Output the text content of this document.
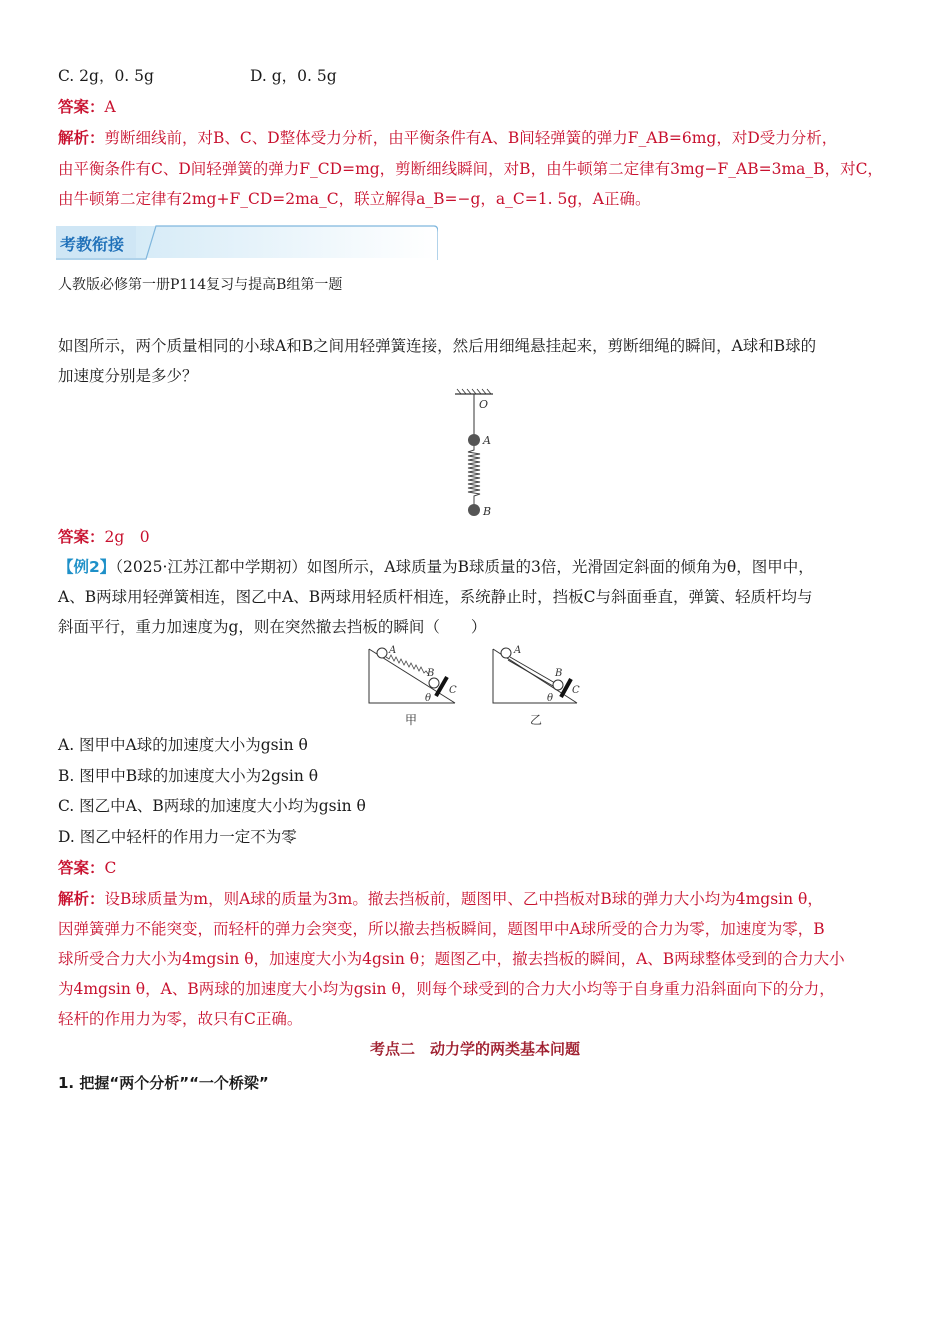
C. 2g，0. 5g	D. g，0. 5g
答案：A
解析：剪断细线前，对B、C、D整体受力分析，由平衡条件有A、B间轻弹簧的弹力F_AB=6mg，对D受力分析，
由平衡条件有C、D间轻弹簧的弹力F_CD=mg，剪断细线瞬间，对B，由牛顿第二定律有3mg−F_AB=3ma_B，对C，
由牛顿第二定律有2mg+F_CD=2ma_C，联立解得a_B=−g，a_C=1. 5g，A正确。
考教衔接
人教版必修第一册P114复习与提高B组第一题
如图所示，两个质量相同的小球A和B之间用轻弹簧连接，然后用细绳悬挂起来，剪断细绳的瞬间，A球和B球的
加速度分别是多少？
O
A
B
答案：2g　0
【例2】（2025·江苏江都中学期初）如图所示，A球质量为B球质量的3倍，光滑固定斜面的倾角为θ，图甲中，
A、B两球用轻弹簧相连，图乙中A、B两球用轻质杆相连，系统静止时，挡板C与斜面垂直，弹簧、轻质杆均与
斜面平行，重力加速度为g，则在突然撤去挡板的瞬间（　　）
A
B
C
θ
A
B
C
θ
甲	乙
A. 图甲中A球的加速度大小为gsin θ
B. 图甲中B球的加速度大小为2gsin θ
C. 图乙中A、B两球的加速度大小均为gsin θ
D. 图乙中轻杆的作用力一定不为零
答案：C
解析：设B球质量为m，则A球的质量为3m。撤去挡板前，题图甲、乙中挡板对B球的弹力大小均为4mgsin θ，
因弹簧弹力不能突变，而轻杆的弹力会突变，所以撤去挡板瞬间，题图甲中A球所受的合力为零，加速度为零，B
球所受合力大小为4mgsin θ，加速度大小为4gsin θ；题图乙中，撤去挡板的瞬间，A、B两球整体受到的合力大小
为4mgsin θ，A、B两球的加速度大小均为gsin θ，则每个球受到的合力大小均等于自身重力沿斜面向下的分力，
轻杆的作用力为零，故只有C正确。
考点二　动力学的两类基本问题
1. 把握“两个分析”“一个桥梁”
